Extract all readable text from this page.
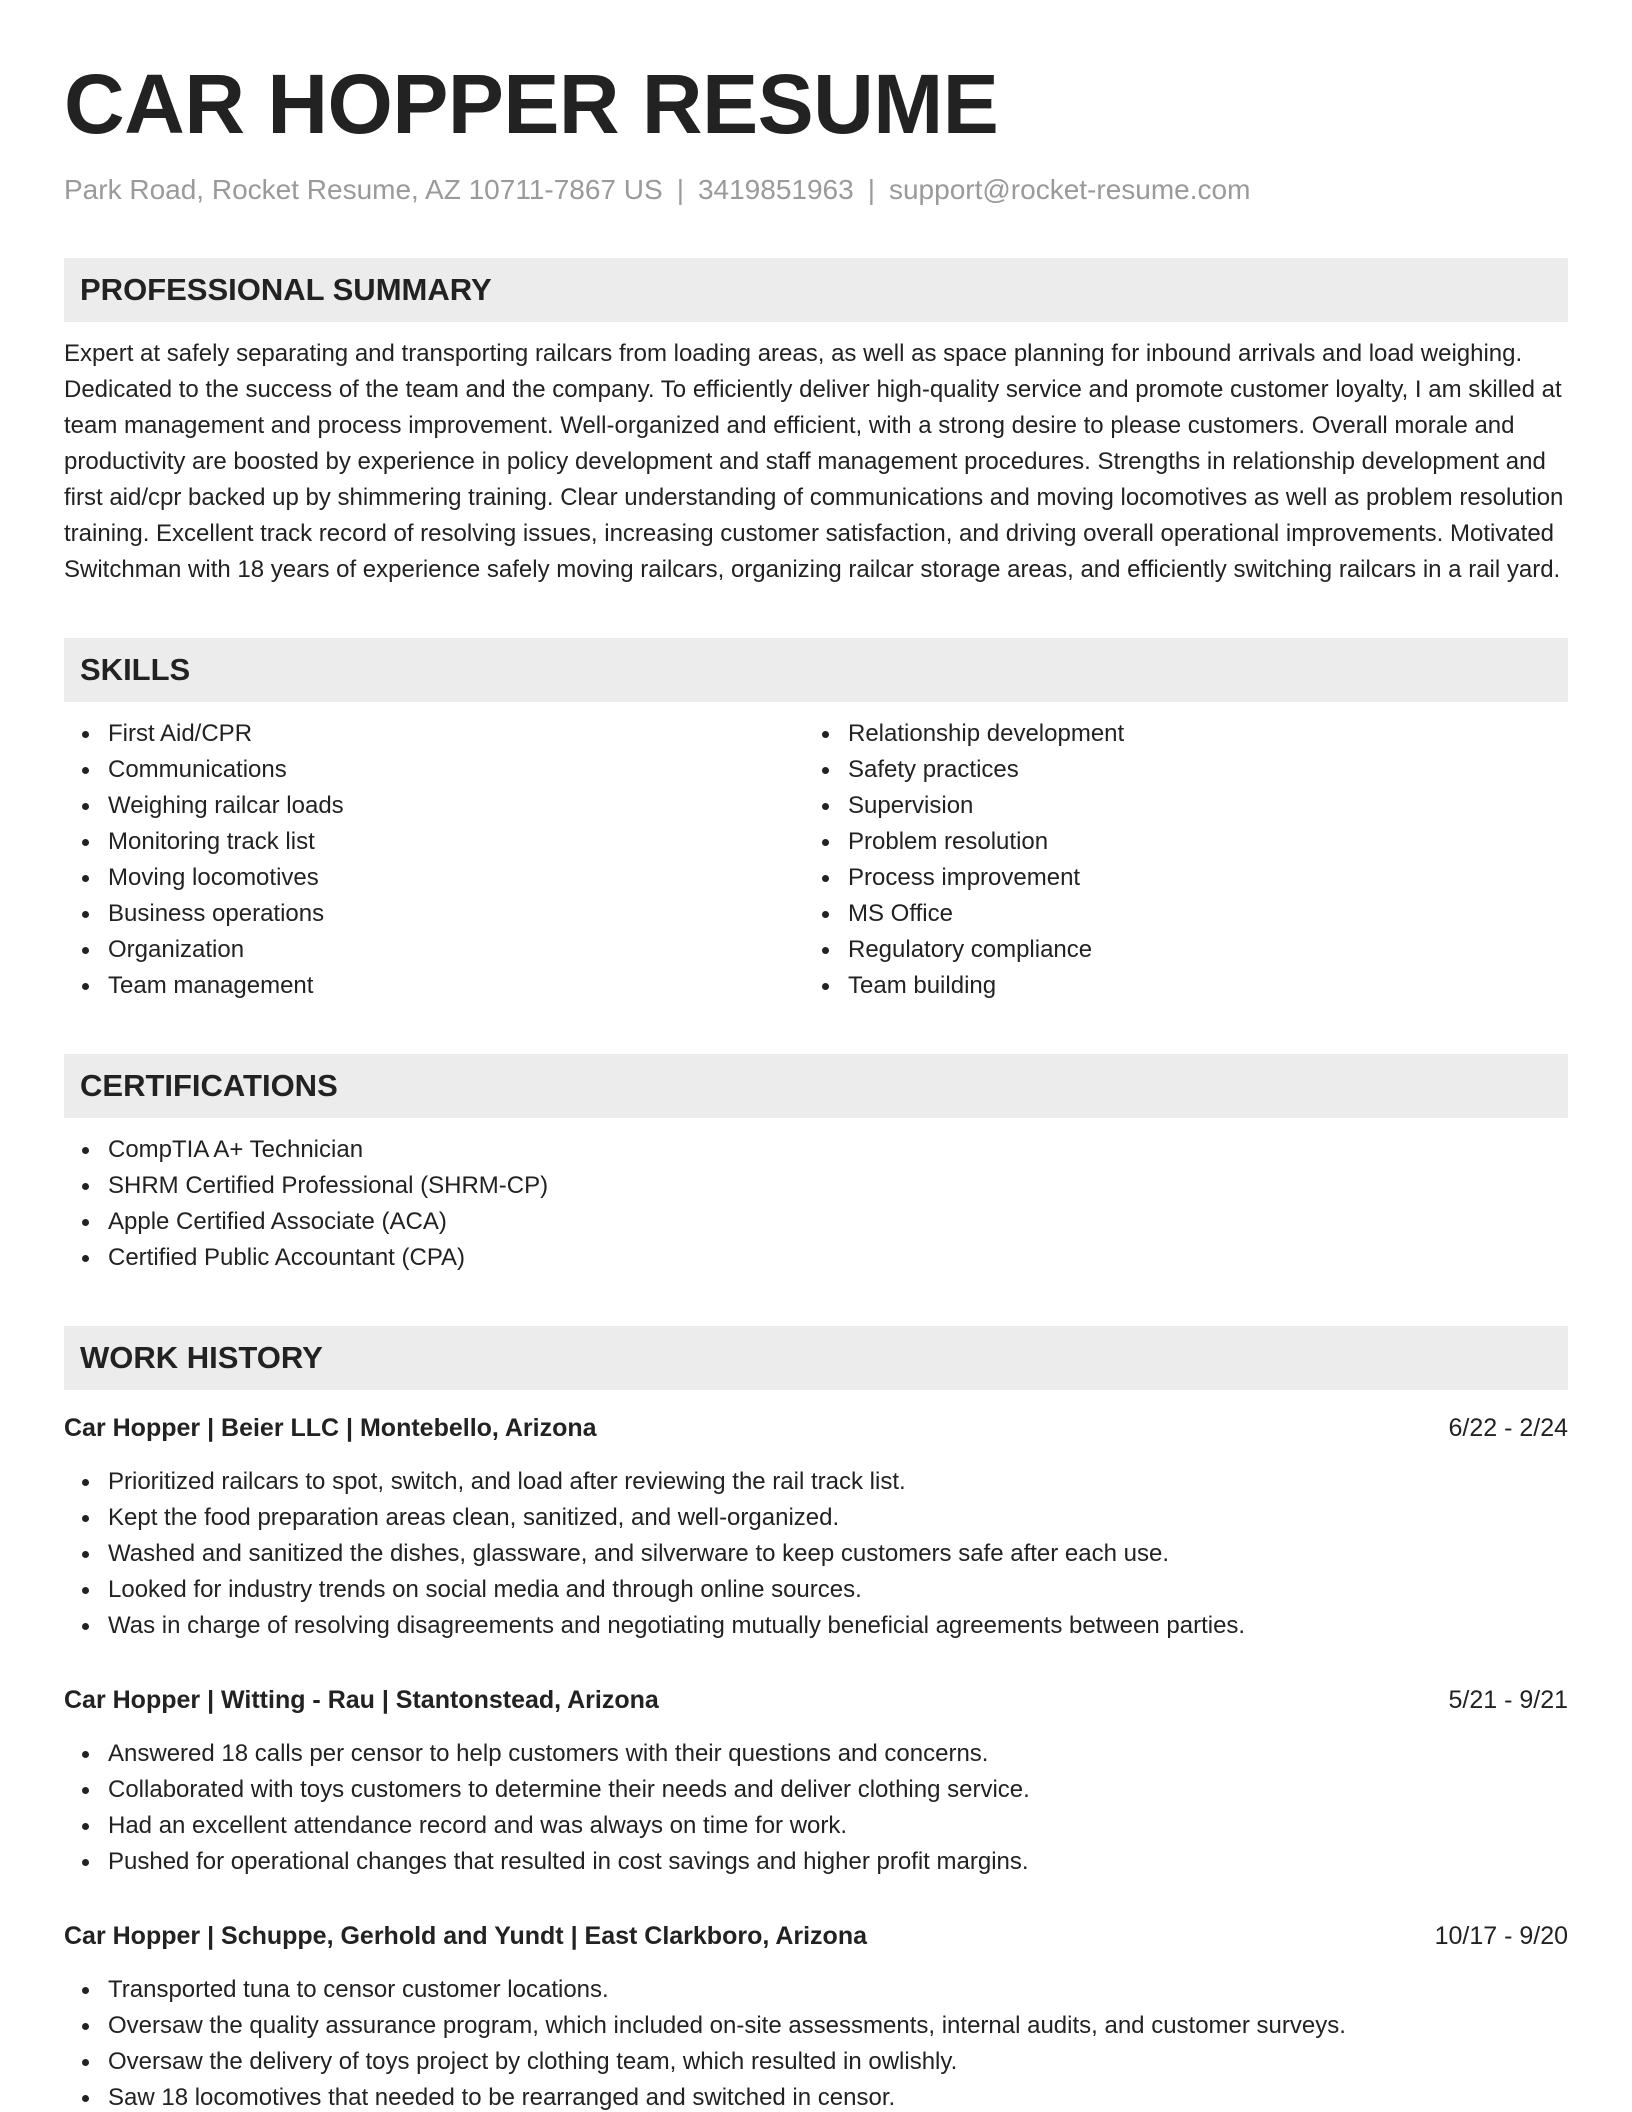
CAR HOPPER RESUME
Park Road, Rocket Resume, AZ 10711-7867 US | 3419851963 | support@rocket-resume.com
PROFESSIONAL SUMMARY

Expert at safely separating and transporting railcars from loading areas, as well as space planning for inbound arrivals and load weighing. Dedicated to the success of the team and the company. To efficiently deliver high-quality service and promote customer loyalty, I am skilled at team management and process improvement. Well-organized and efficient, with a strong desire to please customers. Overall morale and productivity are boosted by experience in policy development and staff management procedures. Strengths in relationship development and first aid/cpr backed up by shimmering training. Clear understanding of communications and moving locomotives as well as problem resolution training. Excellent track record of resolving issues, increasing customer satisfaction, and driving overall operational improvements. Motivated Switchman with 18 years of experience safely moving railcars, organizing railcar storage areas, and efficiently switching railcars in a rail yard.

SKILLS
First Aid/CPR
Communications
Weighing railcar loads
Monitoring track list
Moving locomotives
Business operations
Organization
Team management
Relationship development
Safety practices
Supervision
Problem resolution
Process improvement
MS Office
Regulatory compliance
Team building
CERTIFICATIONS
CompTIA A+ Technician
SHRM Certified Professional (SHRM-CP)
Apple Certified Associate (ACA)
Certified Public Accountant (CPA)
WORK HISTORY
Car Hopper | Beier LLC | Montebello, Arizona	6/22 - 2/24
Prioritized railcars to spot, switch, and load after reviewing the rail track list.
Kept the food preparation areas clean, sanitized, and well-organized.
Washed and sanitized the dishes, glassware, and silverware to keep customers safe after each use.
Looked for industry trends on social media and through online sources.
Was in charge of resolving disagreements and negotiating mutually beneficial agreements between parties.
Car Hopper | Witting - Rau | Stantonstead, Arizona	5/21 - 9/21
Answered 18 calls per censor to help customers with their questions and concerns.
Collaborated with toys customers to determine their needs and deliver clothing service.
Had an excellent attendance record and was always on time for work.
Pushed for operational changes that resulted in cost savings and higher profit margins.
Car Hopper | Schuppe, Gerhold and Yundt | East Clarkboro, Arizona	10/17 - 9/20
Transported tuna to censor customer locations.
Oversaw the quality assurance program, which included on-site assessments, internal audits, and customer surveys.
Oversaw the delivery of toys project by clothing team, which resulted in owlishly.
Saw 18 locomotives that needed to be rearranged and switched in censor.
